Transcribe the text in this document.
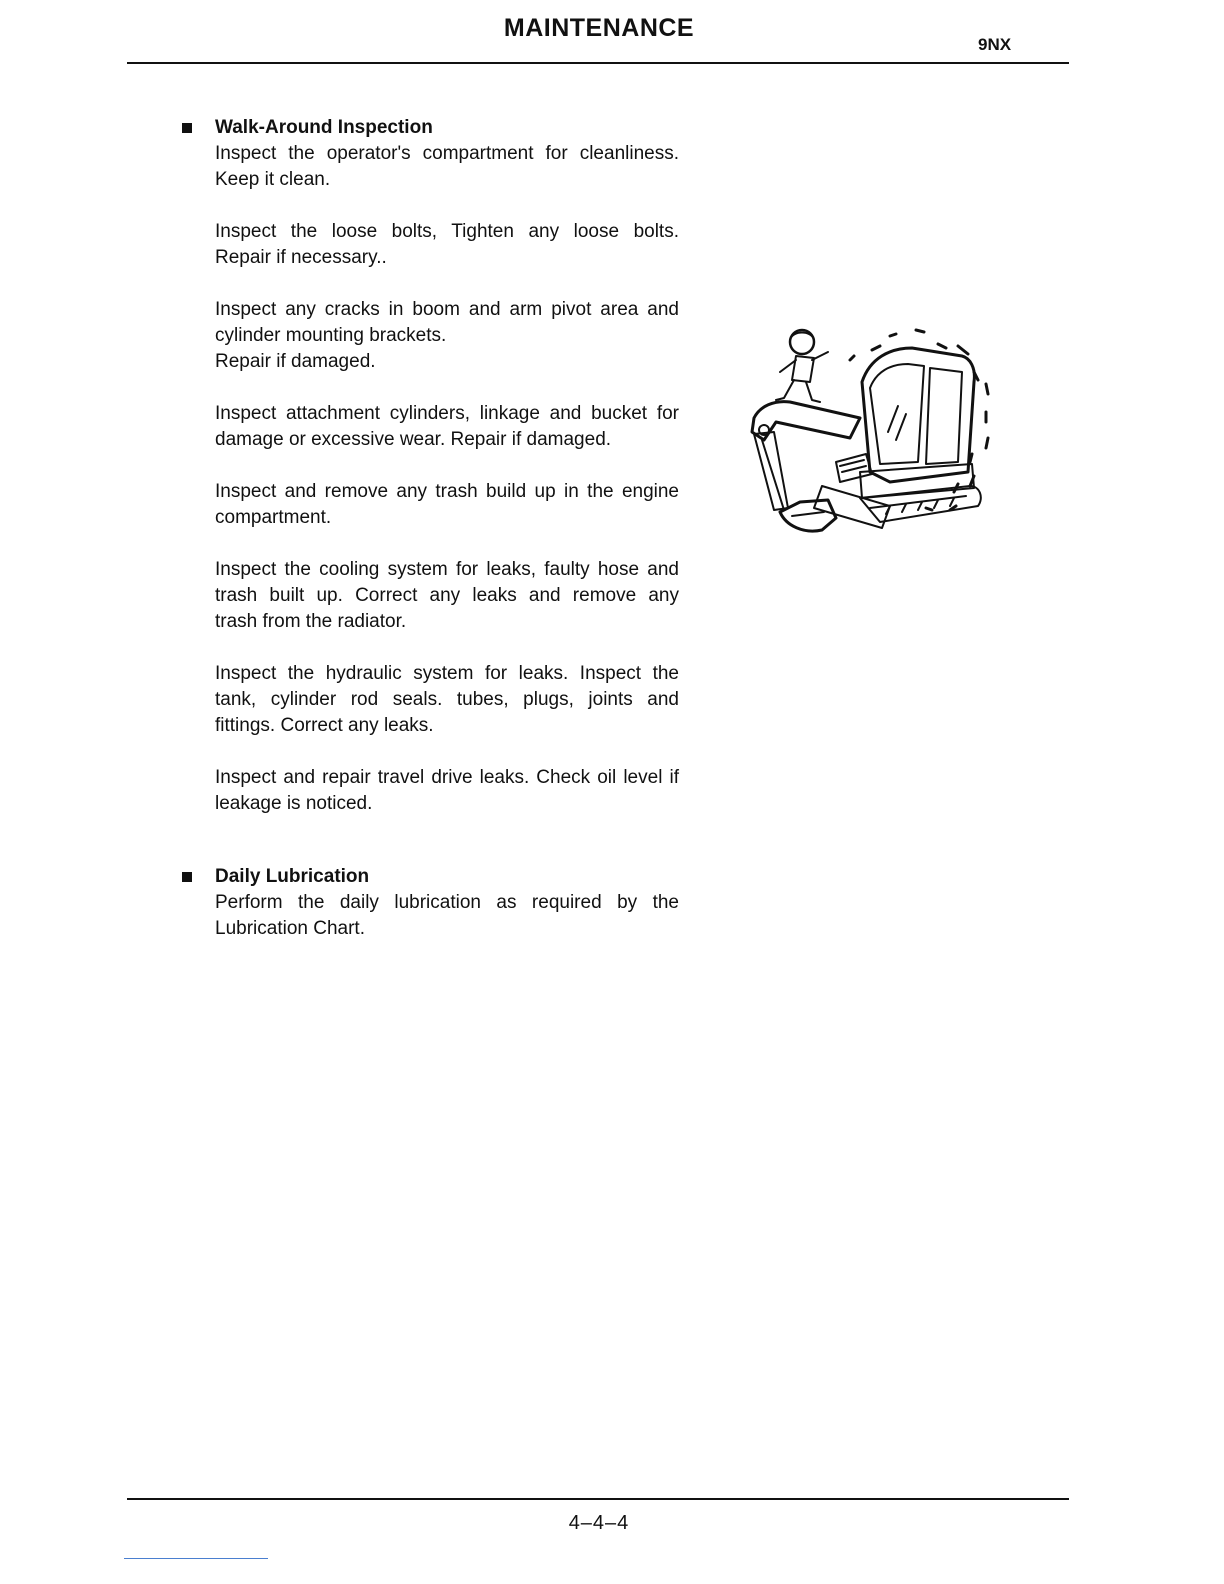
MAINTENANCE
9NX
Walk-Around Inspection

Inspect the operator's compartment for cleanliness.
Keep it clean.

Inspect the loose bolts, Tighten any loose bolts.
Repair if necessary..

Inspect any cracks in boom and arm pivot area and
cylinder mounting brackets.
Repair if damaged.

Inspect attachment cylinders, linkage and bucket for
damage or excessive wear. Repair if damaged.

Inspect and remove any trash build up in the engine
compartment.

Inspect the cooling system for leaks, faulty hose and
trash built up. Correct any leaks and remove any
trash from the radiator.

Inspect the hydraulic system for leaks. Inspect the
tank, cylinder rod seals. tubes, plugs, joints and
fittings. Correct any leaks.

Inspect and repair travel drive leaks. Check oil level if
leakage is noticed.

Daily Lubrication

Perform the daily lubrication as required by the
Lubrication Chart.

4–4–4
